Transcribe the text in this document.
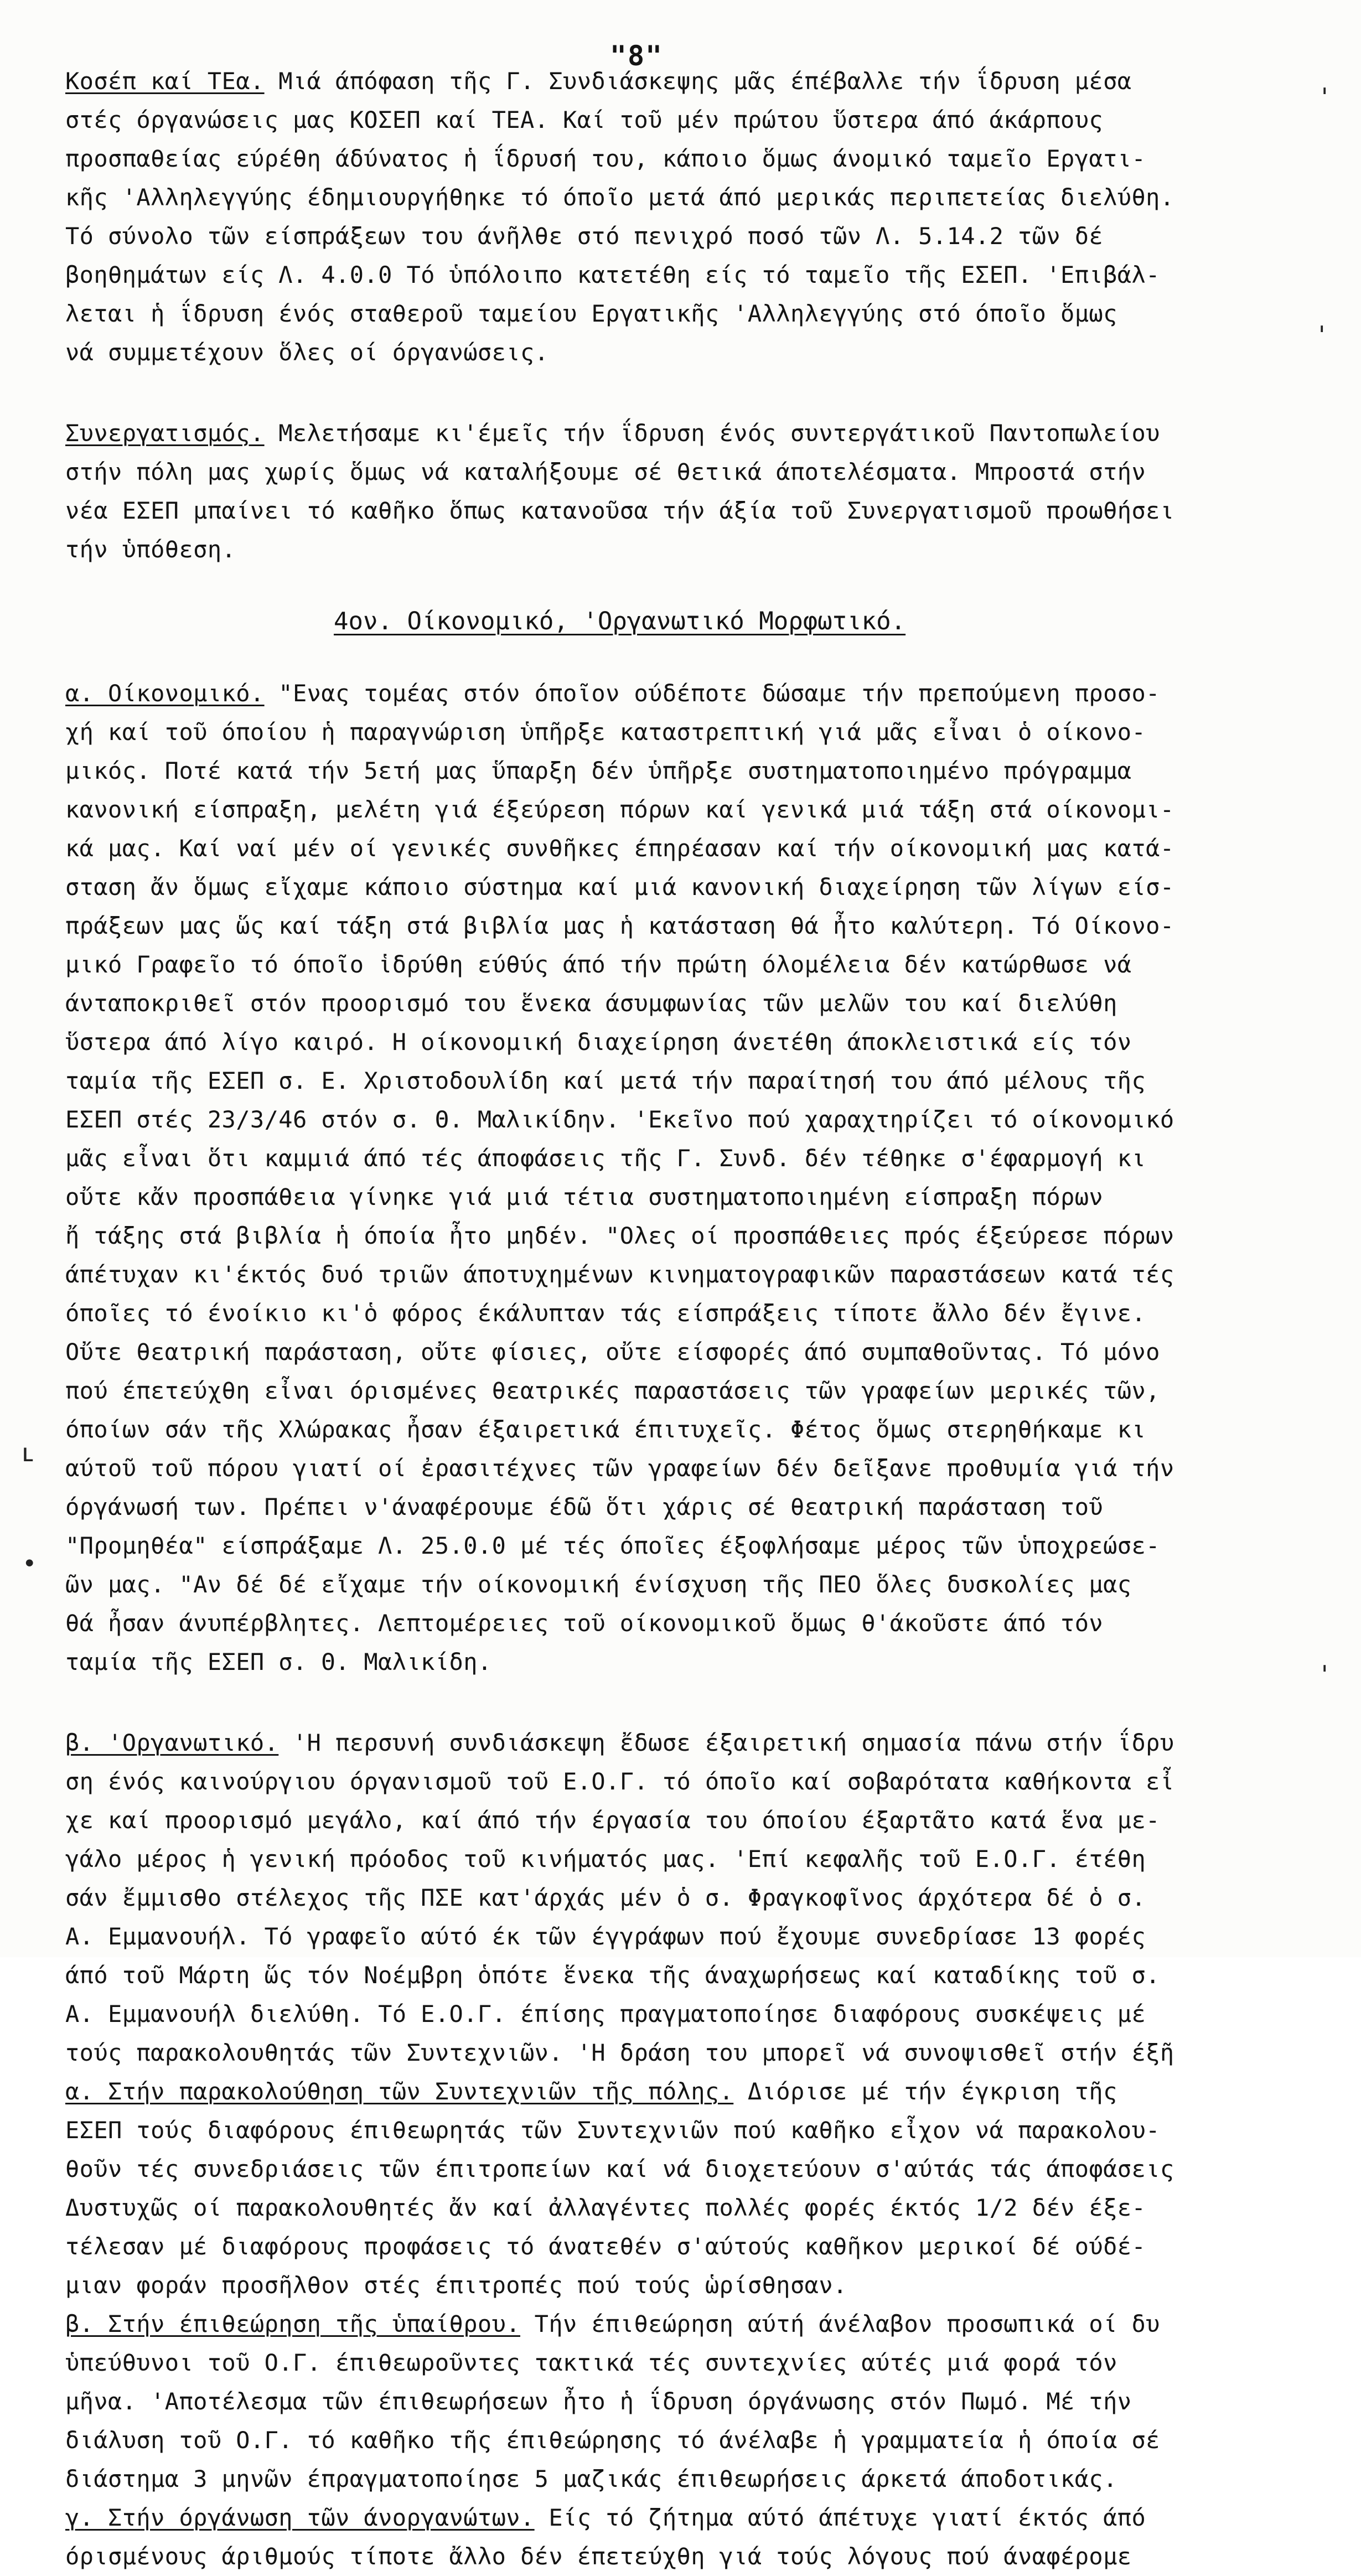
"8"
Κοσέπ καί ΤΕα. Μιά άπόφαση τῆς Γ. Συνδιάσκεψης μᾶς έπέβαλλε τήν ΐδρυση μέσα
στές όργανώσεις μας ΚΟΣΕΠ καί ΤΕΑ. Καί τοῦ μέν πρώτου ὕστερα άπό άκάρπους
προσπαθείας εύρέθη άδύνατος ἡ ΐδρυσή του, κάποιο ὅμως άνομικό ταμεῖο Εργατι-
κῆς 'Αλληλεγγύης έδημιουργήθηκε τό όποῖο μετά άπό μερικάς περιπετείας διελύθη.
Τό σύνολο τῶν είσπράξεων του άνῆλθε στό πενιχρό ποσό τῶν Λ. 5.14.2 τῶν δέ
βοηθημάτων είς Λ. 4.0.0 Τό ὑπόλοιπο κατετέθη είς τό ταμεῖο τῆς ΕΣΕΠ. 'Επιβάλ-
λεται ἡ ΐδρυση ένός σταθεροῦ ταμείου Εργατικῆς 'Αλληλεγγύης στό όποῖο ὅμως
νά συμμετέχουν ὅλες οί όργανώσεις.
Συνεργατισμός. Μελετήσαμε κι'έμεῖς τήν ΐδρυση ένός συντεργάτικοῦ Παντοπωλείου
στήν πόλη μας χωρίς ὅμως νά καταλήξουμε σέ θετικά άποτελέσματα. Μπροστά στήν
νέα ΕΣΕΠ μπαίνει τό καθῆκο ὅπως κατανοῦσα τήν άξία τοῦ Συνεργατισμοῦ προωθήσει
τήν ὑπόθεση.
4ον. Οίκονομικό, 'Οργανωτικό Μορφωτικό.
α. Οίκονομικό. "Ενας τομέας στόν όποῖον ούδέποτε δώσαμε τήν πρεπούμενη προσο-
χή καί τοῦ όποίου ἡ παραγνώριση ὑπῆρξε καταστρεπτική γιά μᾶς εἶναι ὁ οίκονο-
μικός. Ποτέ κατά τήν 5ετή μας ὕπαρξη δέν ὑπῆρξε συστηματοποιημένο πρόγραμμα
κανονική είσπραξη, μελέτη γιά έξεύρεση πόρων καί γενικά μιά τάξη στά οίκονομι-
κά μας. Καί ναί μέν οί γενικές συνθῆκες έπηρέασαν καί τήν οίκονομική μας κατά-
σταση ἄν ὅμως εἴχαμε κάποιο σύστημα καί μιά κανονική διαχείρηση τῶν λίγων είσ-
πράξεων μας ὥς καί τάξη στά βιβλία μας ἡ κατάσταση θά ἦτο καλύτερη. Τό Οίκονο-
μικό Γραφεῖο τό όποῖο ἱδρύθη εύθύς άπό τήν πρώτη όλομέλεια δέν κατώρθωσε νά
άνταποκριθεῖ στόν προορισμό του ἕνεκα άσυμφωνίας τῶν μελῶν του καί διελύθη
ὕστερα άπό λίγο καιρό. Η οίκονομική διαχείρηση άνετέθη άποκλειστικά είς τόν
ταμία τῆς ΕΣΕΠ σ. Ε. Χριστοδουλίδη καί μετά τήν παραίτησή του άπό μέλους τῆς
ΕΣΕΠ στές 23/3/46 στόν σ. Θ. Μαλικίδην. 'Εκεῖνο πού χαραχτηρίζει τό οίκονομικό
μᾶς εἶναι ὅτι καμμιά άπό τές άποφάσεις τῆς Γ. Συνδ. δέν τέθηκε σ'έφαρμογή κι
οὔτε κἄν προσπάθεια γίνηκε γιά μιά τέτια συστηματοποιημένη είσπραξη πόρων
ἤ τάξης στά βιβλία ἡ όποία ἦτο μηδέν. "Ολες οί προσπάθειες πρός έξεύρεσε πόρων
άπέτυχαν κι'έκτός δυό τριῶν άποτυχημένων κινηματογραφικῶν παραστάσεων κατά τές
όποῖες τό ένοίκιο κι'ὁ φόρος έκάλυπταν τάς είσπράξεις τίποτε ἄλλο δέν ἔγινε.
Οὔτε θεατρική παράσταση, οὔτε φίσιες, οὔτε είσφορές άπό συμπαθοῦντας. Τό μόνο
πού έπετεύχθη εἶναι όρισμένες θεατρικές παραστάσεις τῶν γραφείων μερικές τῶν,
όποίων σάν τῆς Χλώρακας ἦσαν έξαιρετικά έπιτυχεῖς. Φέτος ὅμως στερηθήκαμε κι
αύτοῦ τοῦ πόρου γιατί οί ἐρασιτέχνες τῶν γραφείων δέν δεῖξανε προθυμία γιά τήν
όργάνωσή των. Πρέπει ν'άναφέρουμε έδῶ ὅτι χάρις σέ θεατρική παράσταση τοῦ
"Προμηθέα" είσπράξαμε Λ. 25.0.0 μέ τές όποῖες έξοφλήσαμε μέρος τῶν ὑποχρεώσε-
ῶν μας. "Αν δέ δέ εἴχαμε τήν οίκονομική ένίσχυση τῆς ΠΕΟ ὅλες δυσκολίες μας
θά ἦσαν άνυπέρβλητες. Λεπτομέρειες τοῦ οίκονομικοῦ ὅμως θ'άκοῦστε άπό τόν
ταμία τῆς ΕΣΕΠ σ. Θ. Μαλικίδη.
β. 'Οργανωτικό. 'Η περσυνή συνδιάσκεψη ἔδωσε έξαιρετική σημασία πάνω στήν ΐδρυ
ση ένός καινούργιου όργανισμοῦ τοῦ Ε.Ο.Γ. τό όποῖο καί σοβαρότατα καθήκοντα εἶ
χε καί προορισμό μεγάλο, καί άπό τήν έργασία του όποίου έξαρτᾶτο κατά ἕνα με-
γάλο μέρος ἡ γενική πρόοδος τοῦ κινήματός μας. 'Επί κεφαλῆς τοῦ Ε.Ο.Γ. έτέθη
σάν ἔμμισθο στέλεχος τῆς ΠΣΕ κατ'άρχάς μέν ὁ σ. Φραγκοφῖνος άρχότερα δέ ὁ σ.
Α. Εμμανουήλ. Τό γραφεῖο αύτό έκ τῶν έγγράφων πού ἔχουμε συνεδρίασε 13 φορές
άπό τοῦ Μάρτη ὥς τόν Νοέμβρη ὁπότε ἕνεκα τῆς άναχωρήσεως καί καταδίκης τοῦ σ.
Α. Εμμανουήλ διελύθη. Τό Ε.Ο.Γ. έπίσης πραγματοποίησε διαφόρους συσκέψεις μέ
τούς παρακολουθητάς τῶν Συντεχνιῶν. 'Η δράση του μπορεῖ νά συνοψισθεῖ στήν έξῆ
α. Στήν παρακολούθηση τῶν Συντεχνιῶν τῆς πόλης. Διόρισε μέ τήν έγκριση τῆς
ΕΣΕΠ τούς διαφόρους έπιθεωρητάς τῶν Συντεχνιῶν πού καθῆκο εἶχον νά παρακολου-
θοῦν τές συνεδριάσεις τῶν έπιτροπείων καί νά διοχετεύουν σ'αύτάς τάς άποφάσεις
Δυστυχῶς οί παρακολουθητές ἄν καί ἀλλαγέντες πολλές φορές έκτός 1/2 δέν έξε-
τέλεσαν μέ διαφόρους προφάσεις τό άνατεθέν σ'αύτούς καθῆκον μερικοί δέ ούδέ-
μιαν φοράν προσῆλθον στές έπιτροπές πού τούς ὡρίσθησαν.
β. Στήν έπιθεώρηση τῆς ὑπαίθρου. Τήν έπιθεώρηση αύτή άνέλαβον προσωπικά οί δυ
ὑπεύθυνοι τοῦ Ο.Γ. έπιθεωροῦντες τακτικά τές συντεχνίες αύτές μιά φορά τόν
μῆνα. 'Αποτέλεσμα τῶν έπιθεωρήσεων ἦτο ἡ ΐδρυση όργάνωσης στόν Πωμό. Μέ τήν
διάλυση τοῦ Ο.Γ. τό καθῆκο τῆς έπιθεώρησης τό άνέλαβε ἡ γραμματεία ἡ όποία σέ
διάστημα 3 μηνῶν έπραγματοποίησε 5 μαζικάς έπιθεωρήσεις άρκετά άποδοτικάς.
γ. Στήν όργάνωση τῶν άνοργανώτων. Είς τό ζήτημα αύτό άπέτυχε γιατί έκτός άπό
όρισμένους άριθμούς τίποτε ἄλλο δέν έπετεύχθη γιά τούς λόγους πού άναφέρομε
'
'
ʟ
•
'
